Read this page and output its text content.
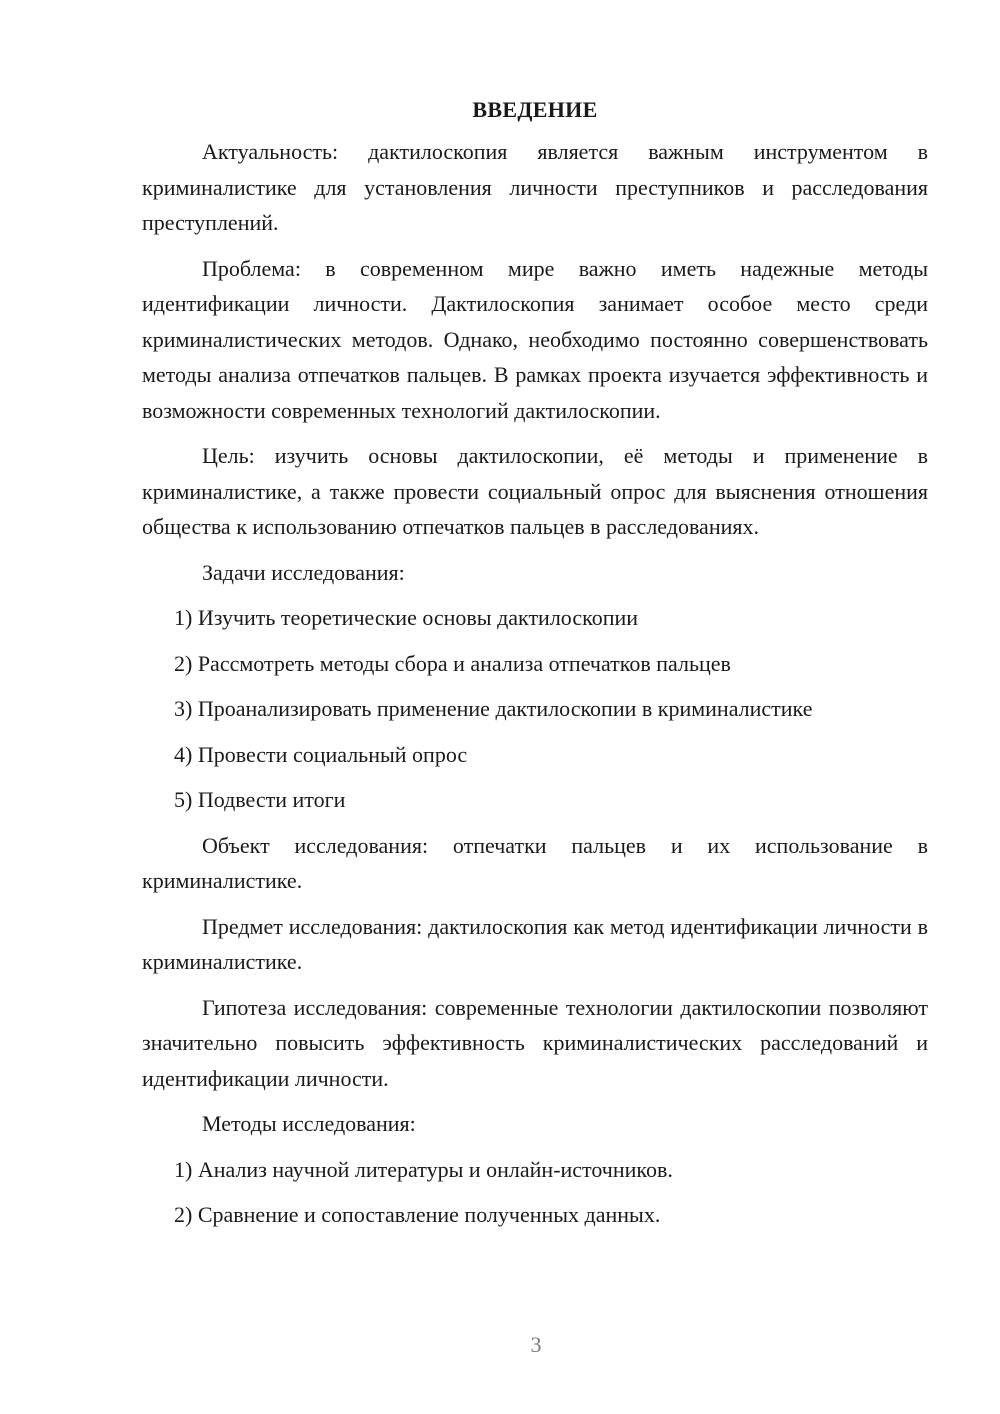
ВВЕДЕНИЕ

Актуальность: дактилоскопия является важным инструментом в криминалистике для установления личности преступников и расследования преступлений.

Проблема: в современном мире важно иметь надежные методы идентификации личности. Дактилоскопия занимает особое место среди криминалистических методов. Однако, необходимо постоянно совершенствовать методы анализа отпечатков пальцев. В рамках проекта изучается эффективность и возможности современных технологий дактилоскопии.

Цель: изучить основы дактилоскопии, её методы и применение в криминалистике, а также провести социальный опрос для выяснения отношения общества к использованию отпечатков пальцев в расследованиях.

Задачи исследования:
1) Изучить теоретические основы дактилоскопии
2) Рассмотреть методы сбора и анализа отпечатков пальцев
3) Проанализировать применение дактилоскопии в криминалистике
4) Провести социальный опрос
5) Подвести итоги

Объект исследования: отпечатки пальцев и их использование в криминалистике.

Предмет исследования: дактилоскопия как метод идентификации личности в криминалистике.

Гипотеза исследования: современные технологии дактилоскопии позволяют значительно повысить эффективность криминалистических расследований и идентификации личности.

Методы исследования:
1) Анализ научной литературы и онлайн-источников.
2) Сравнение и сопоставление полученных данных.
3
